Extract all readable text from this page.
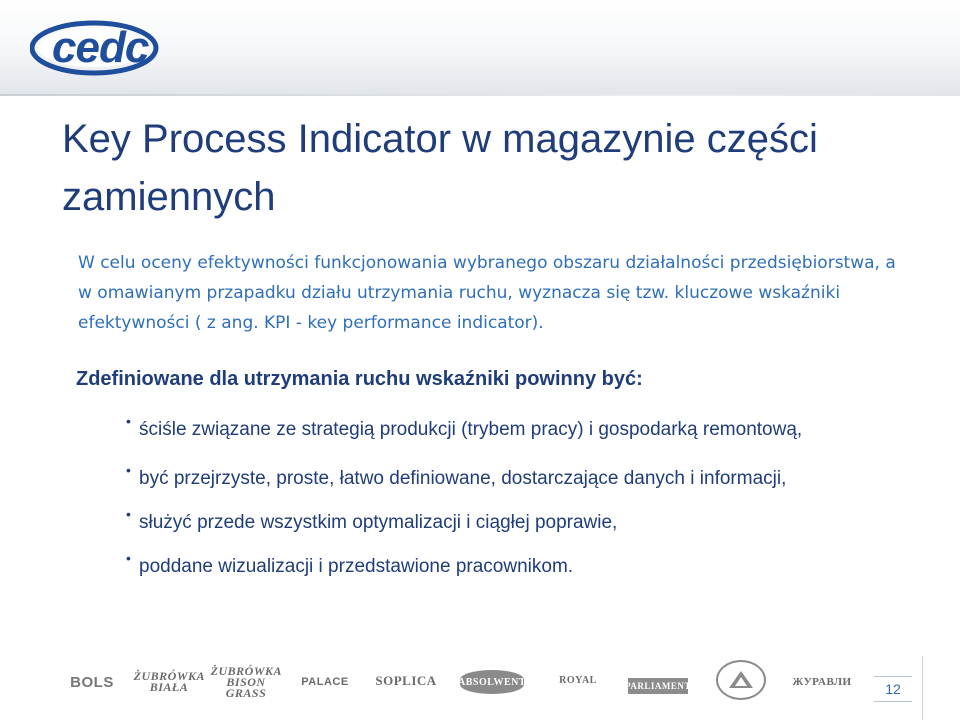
cedc
Key Process Indicator w magazynie części zamiennych

W celu oceny efektywności funkcjonowania wybranego obszaru działalności przedsiębiorstwa, a w omawianym przapadku działu utrzymania ruchu, wyznacza się tzw. kluczowe wskaźniki efektywności ( z ang. KPI - key performance indicator).

Zdefiniowane dla utrzymania ruchu wskaźniki powinny być:

• ściśle związane ze strategią produkcji (trybem pracy) i gospodarką remontową,
• być przejrzyste, proste, łatwo definiowane, dostarczające danych i informacji,
• służyć przede wszystkim optymalizacji i ciągłej poprawie,
• poddane wizualizacji i przedstawione pracownikom.
BOLS	ŻUBRÓWKA BIAŁA
ŻUBRÓWKA BISON GRASS
PALACE	SOPLICA ABSOLWENT	ROYAL	PARLIAMENT	ЖУРАВЛИ	12
